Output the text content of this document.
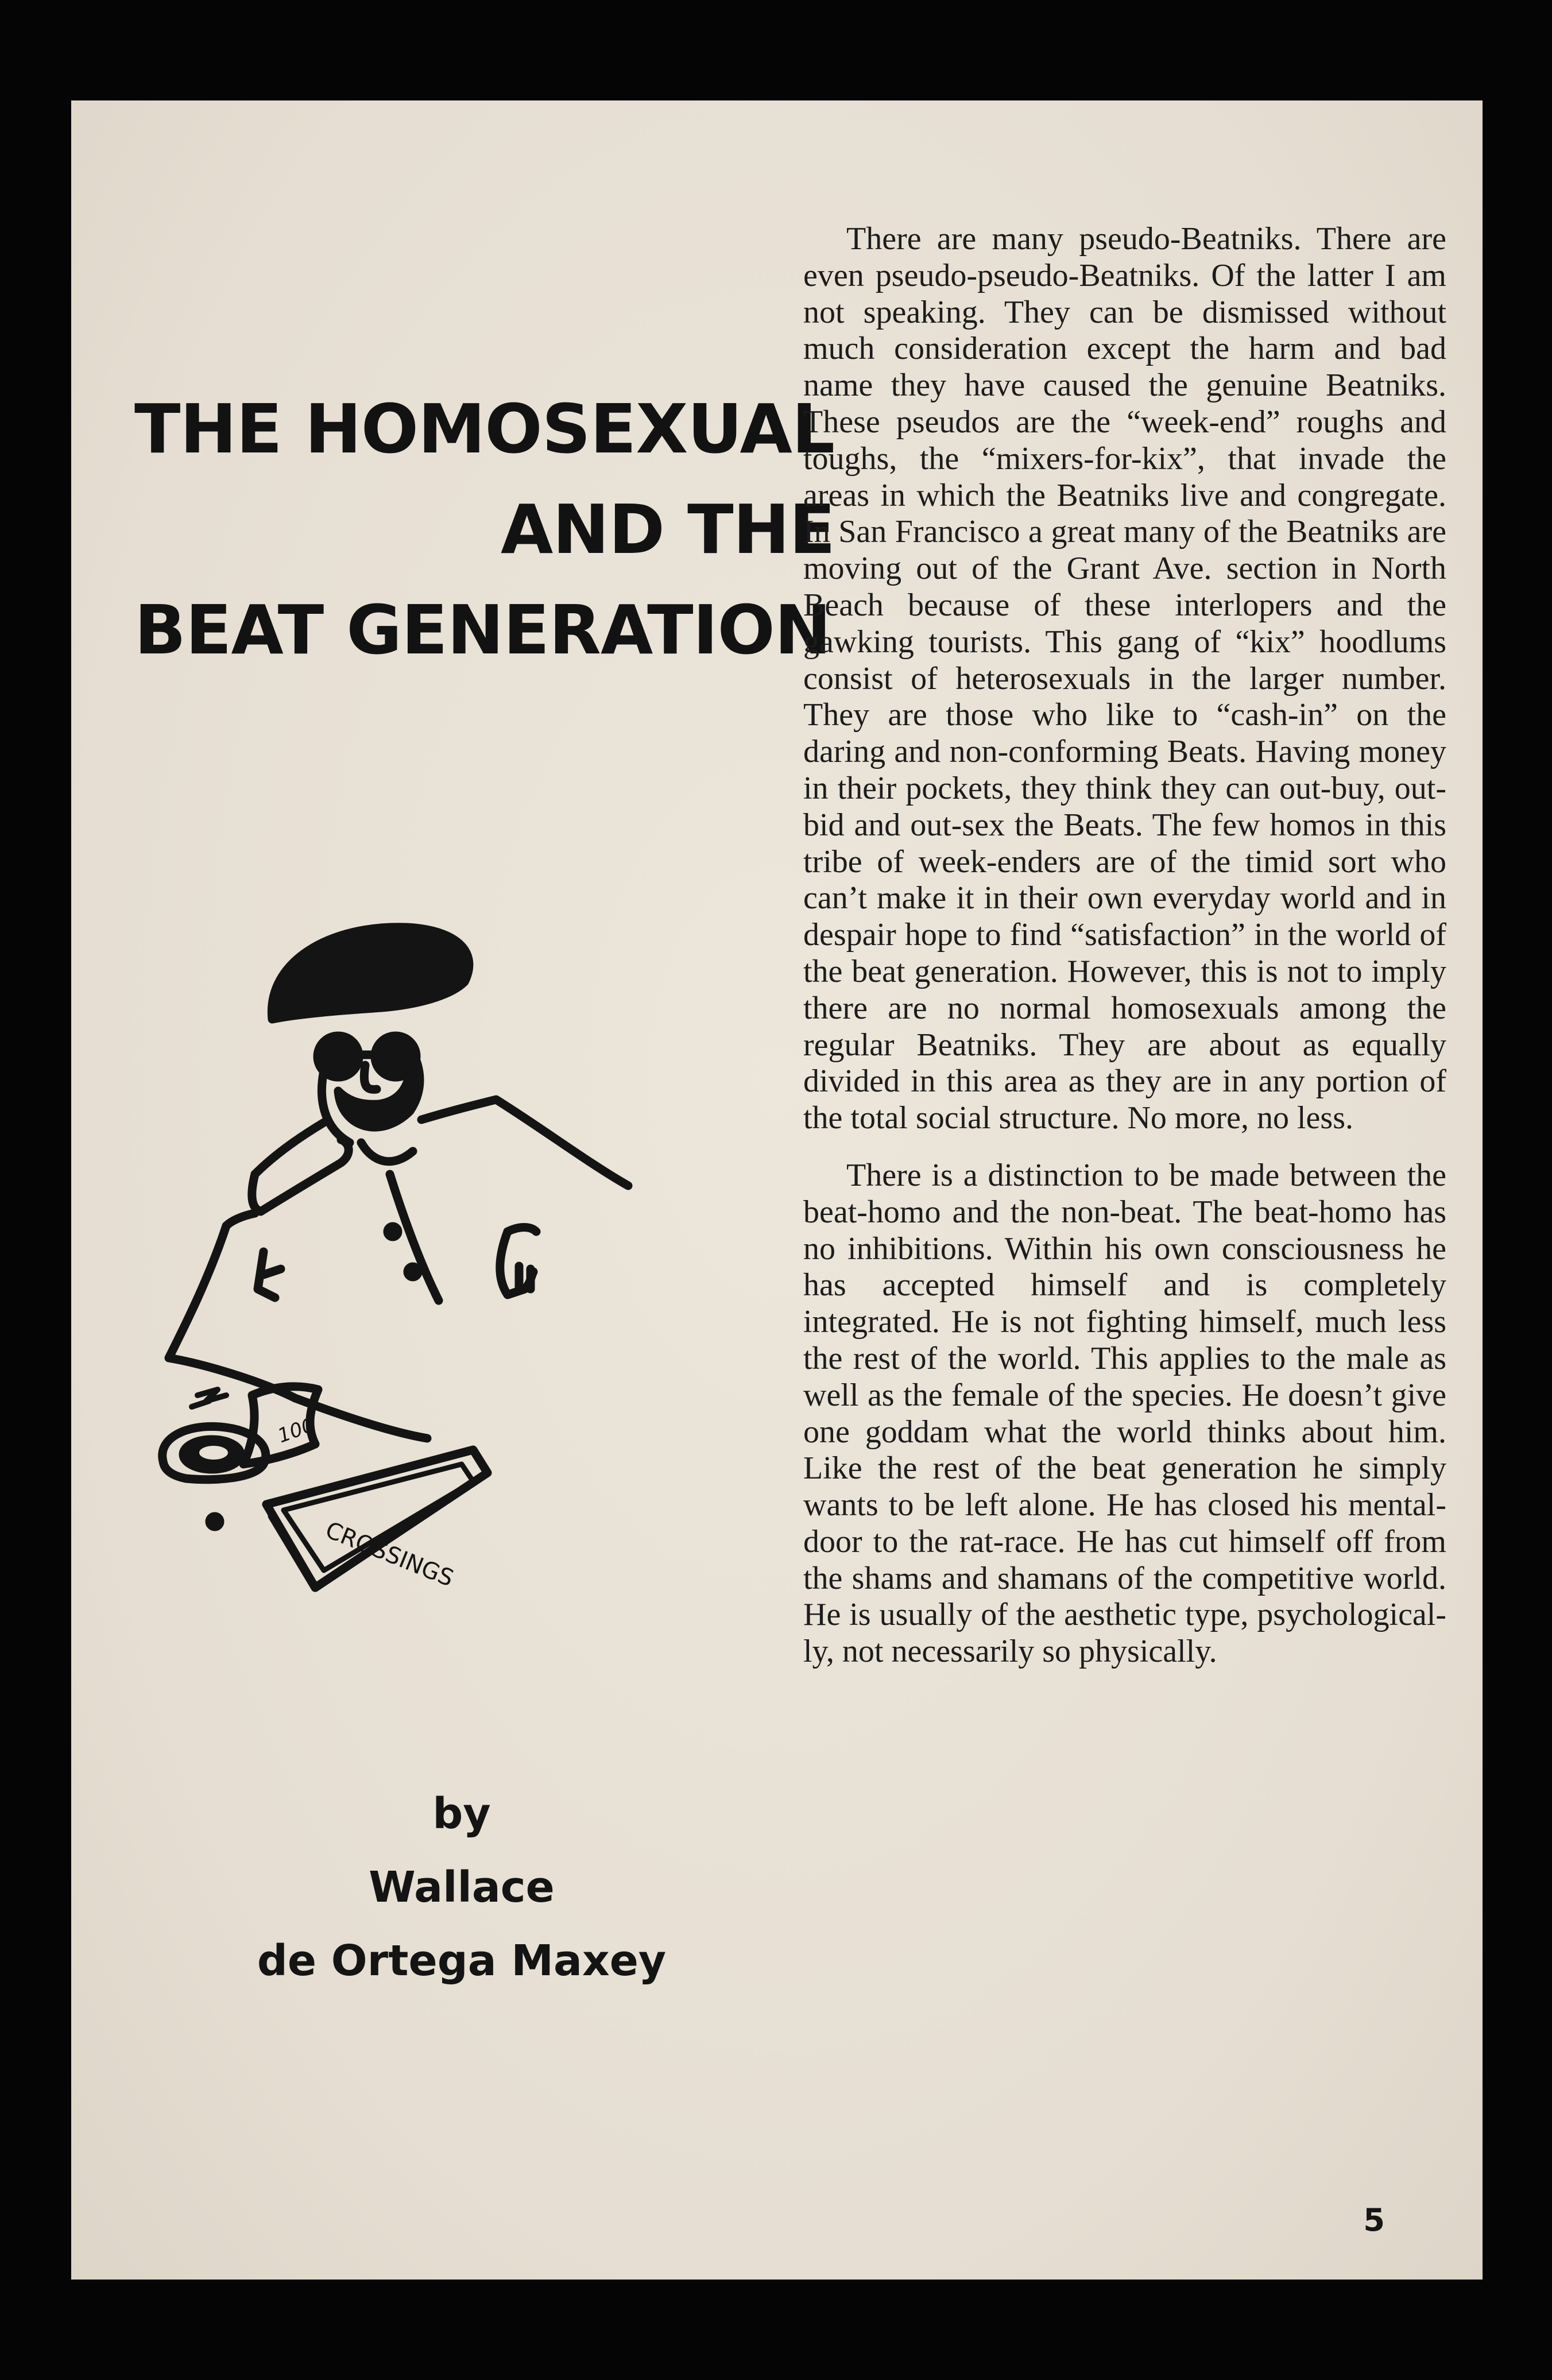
THE HOMOSEXUAL
AND THE
BEAT GENERATION
100
CROSSINGS
by
Wallace
de Ortega Maxey

There are many pseudo-Beatniks. There are even pseudo-pseudo-Beatniks. Of the latter I am not speaking. They can be dismissed without much consideration except the harm and bad name they have caused the genuine Beatniks. These pseudos are the “week-end” roughs and toughs, the “mixers-for-kix”, that invade the areas in which the Beatniks live and congregate. In San Francisco a great many of the Beatniks are moving out of the Grant Ave. section in North Beach because of these interlopers and the gawking tourists. This gang of “kix” hoodlums consist of heterosexuals in the larger number. They are those who like to “cash-in” on the daring and non-conforming Beats. Having money in their pockets, they think they can out-buy, out-bid and out-sex the Beats. The few homos in this tribe of week-enders are of the timid sort who can’t make it in their own everyday world and in despair hope to find “satisfaction” in the world of the beat generation. However, this is not to imply there are no normal homosexuals among the regular Beatniks. They are about as equally divided in this area as they are in any portion of the total social structure. No more, no less.

There is a distinction to be made between the beat-homo and the non-beat. The beat-homo has no inhibitions. Within his own consciousness he has accepted himself and is completely integrated. He is not fighting himself, much less the rest of the world. This applies to the male as well as the female of the species. He doesn’t give one goddam what the world thinks about him. Like the rest of the beat generation he simply wants to be left alone. He has closed his mental-door to the rat-race. He has cut himself off from the shams and shamans of the competitive world. He is usually of the aesthetic type, psychologically, not necessarily so physically.

5
